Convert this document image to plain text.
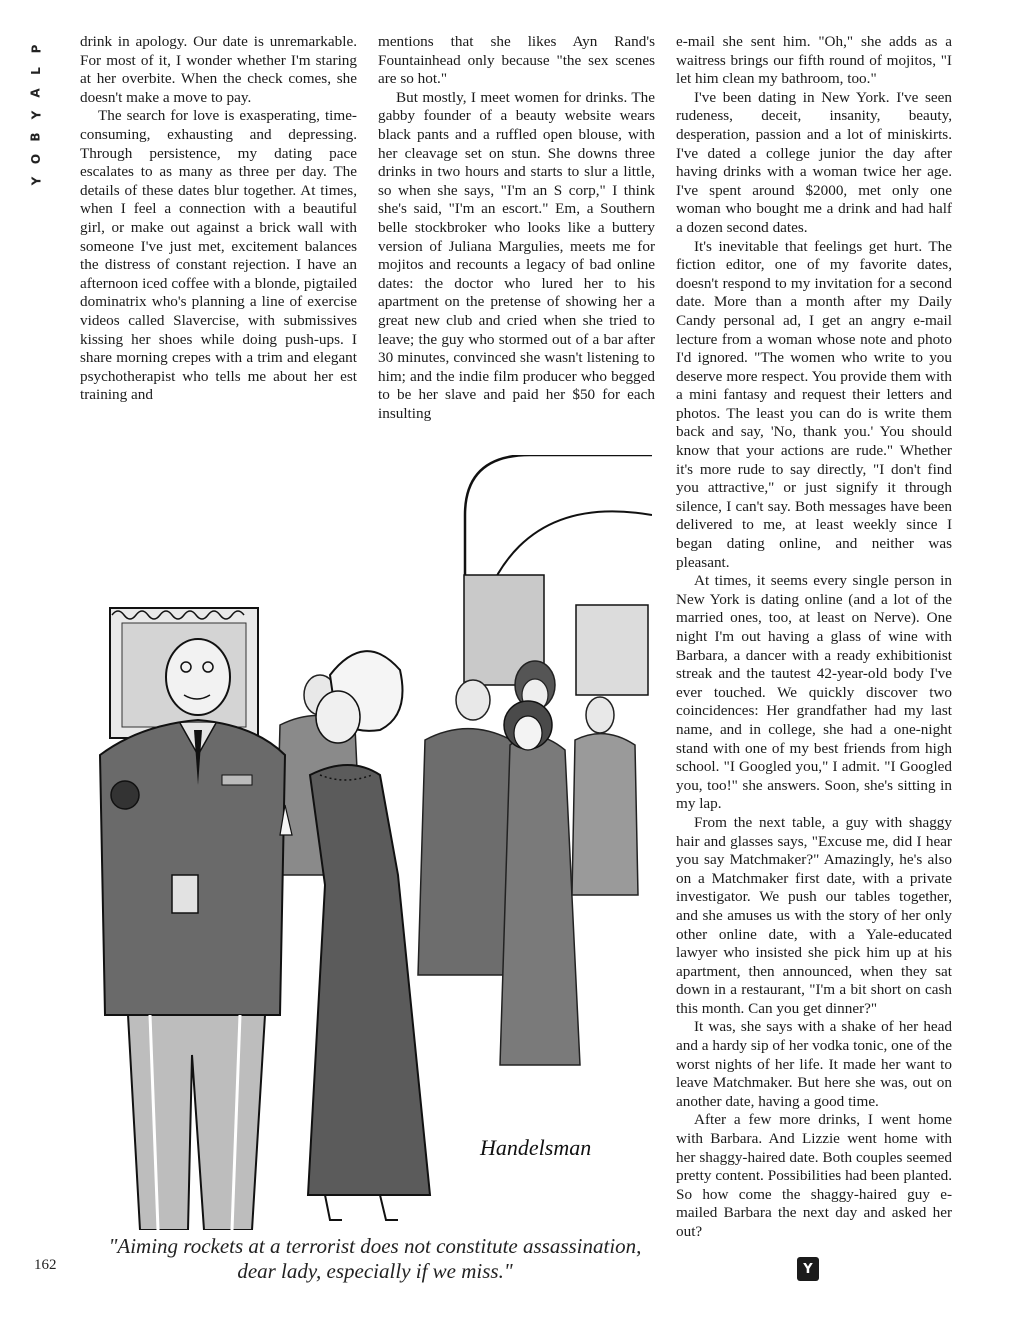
P
L
A
Y
B
O
Y

drink in apology. Our date is unremarkable. For most of it, I wonder whether I'm staring at her overbite. When the check comes, she doesn't make a move to pay.

The search for love is exasperating, time-consuming, exhausting and depressing. Through persistence, my dating pace escalates to as many as three per day. The details of these dates blur together. At times, when I feel a connection with a beautiful girl, or make out against a brick wall with someone I've just met, excitement balances the distress of constant rejection. I have an afternoon iced coffee with a blonde, pigtailed dominatrix who's planning a line of exercise videos called Slavercise, with submissives kissing her shoes while doing push-ups. I share morning crepes with a trim and elegant psychotherapist who tells me about her est training and

mentions that she likes Ayn Rand's Fountainhead only because "the sex scenes are so hot."

But mostly, I meet women for drinks. The gabby founder of a beauty website wears black pants and a ruffled open blouse, with her cleavage set on stun. She downs three drinks in two hours and starts to slur a little, so when she says, "I'm an S corp," I think she's said, "I'm an escort." Em, a Southern belle stockbroker who looks like a buttery version of Juliana Margulies, meets me for mojitos and recounts a legacy of bad online dates: the doctor who lured her to his apartment on the pretense of showing her a great new club and cried when she tried to leave; the guy who stormed out of a bar after 30 minutes, convinced she wasn't listening to him; and the indie film producer who begged to be her slave and paid her $50 for each insulting

e-mail she sent him. "Oh," she adds as a waitress brings our fifth round of mojitos, "I let him clean my bathroom, too."

I've been dating in New York. I've seen rudeness, deceit, insanity, beauty, desperation, passion and a lot of miniskirts. I've dated a college junior the day after having drinks with a woman twice her age. I've spent around $2000, met only one woman who bought me a drink and had half a dozen second dates.

It's inevitable that feelings get hurt. The fiction editor, one of my favorite dates, doesn't respond to my invitation for a second date. More than a month after my Daily Candy personal ad, I get an angry e-mail lecture from a woman whose note and photo I'd ignored. "The women who write to you deserve more respect. You provide them with a mini fantasy and request their letters and photos. The least you can do is write them back and say, 'No, thank you.' You should know that your actions are rude." Whether it's more rude to say directly, "I don't find you attractive," or just signify it through silence, I can't say. Both messages have been delivered to me, at least weekly since I began dating online, and neither was pleasant.

At times, it seems every single person in New York is dating online (and a lot of the married ones, too, at least on Nerve). One night I'm out having a glass of wine with Barbara, a dancer with a ready exhibitionist streak and the tautest 42-year-old body I've ever touched. We quickly discover two coincidences: Her grandfather had my last name, and in college, she had a one-night stand with one of my best friends from high school. "I Googled you," I admit. "I Googled you, too!" she answers. Soon, she's sitting in my lap.

From the next table, a guy with shaggy hair and glasses says, "Excuse me, did I hear you say Matchmaker?" Amazingly, he's also on a Matchmaker first date, with a private investigator. We push our tables together, and she amuses us with the story of her only other online date, with a Yale-educated lawyer who insisted she pick him up at his apartment, then announced, when they sat down in a restaurant, "I'm a bit short on cash this month. Can you get dinner?"

It was, she says with a shake of her head and a hardy sip of her vodka tonic, one of the worst nights of her life. It made her want to leave Matchmaker. But here she was, out on another date, having a good time.

After a few more drinks, I went home with Barbara. And Lizzie went home with her shaggy-haired date. Both couples seemed pretty content. Possibilities had been planted. So how come the shaggy-haired guy e-mailed Barbara the next day and asked her out?

Handelsman
"Aiming rockets at a terrorist does not constitute assassination,
dear lady, especially if we miss."
162	Y
